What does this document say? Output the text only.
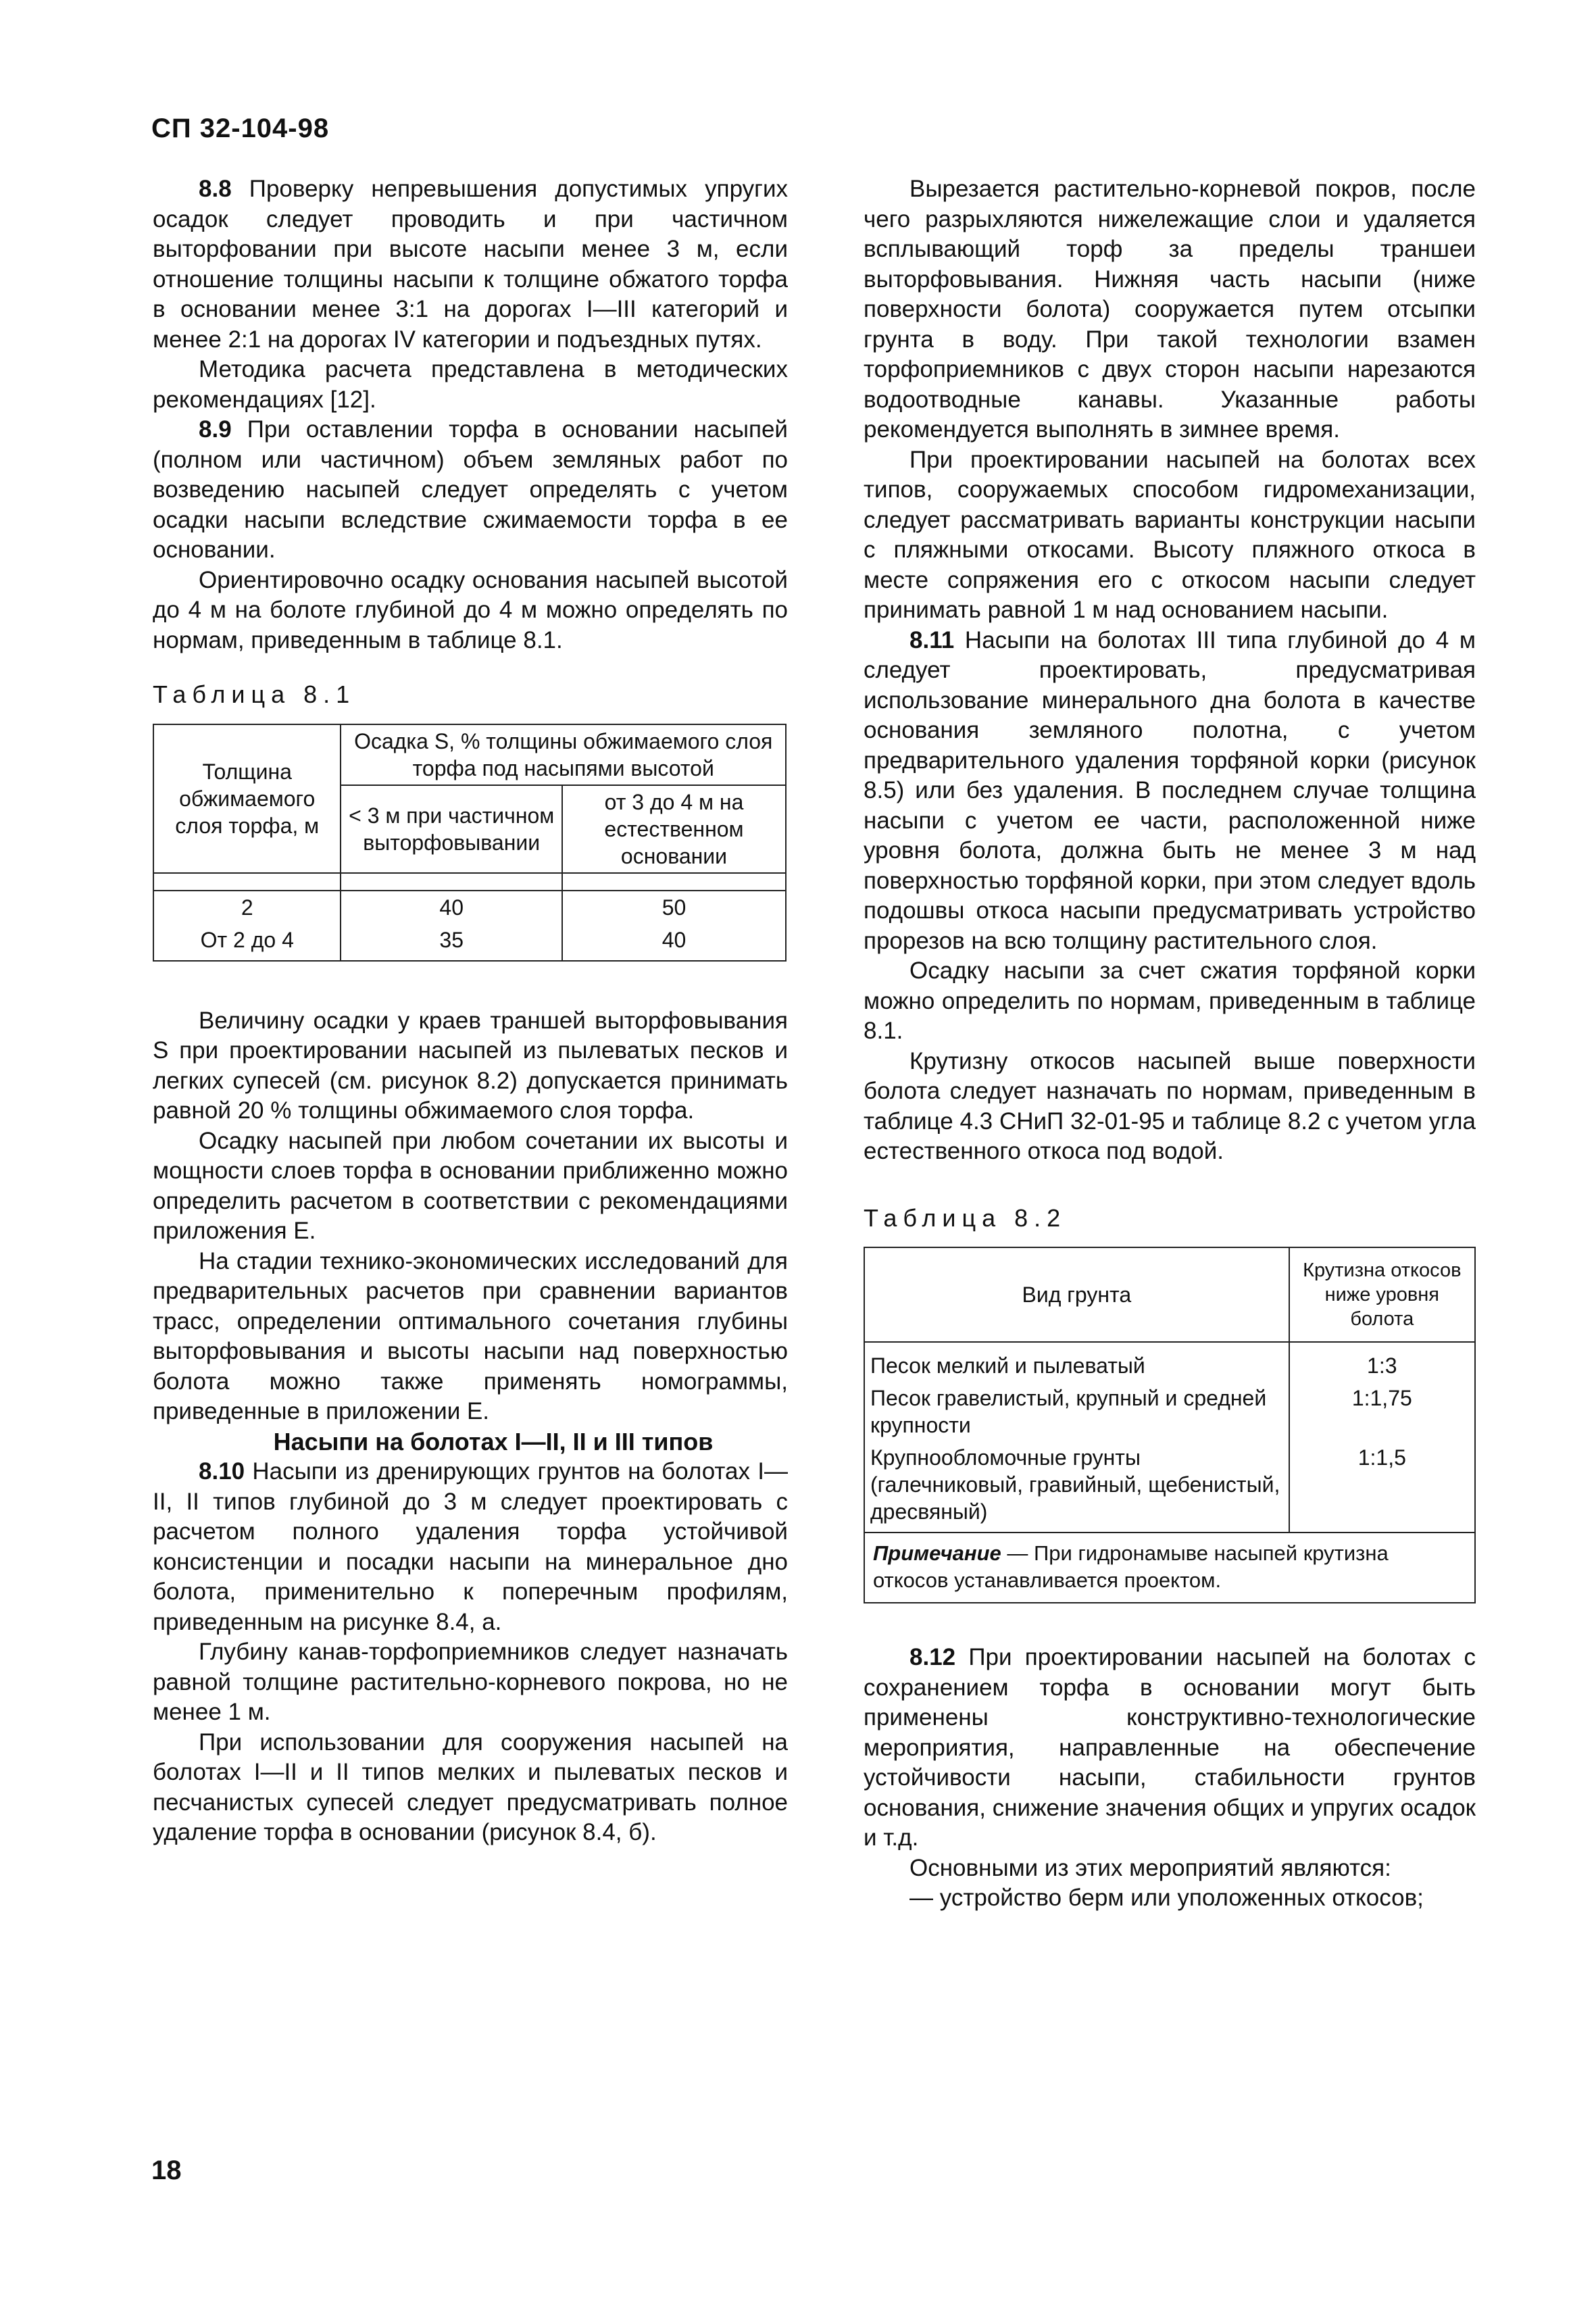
СП 32-104-98

8.8 Проверку непревышения допустимых упругих осадок следует проводить и при частичном выторфовании при высоте насыпи менее 3 м, если отношение толщины насыпи к толщине обжатого торфа в основании менее 3:1 на дорогах I—III категорий и менее 2:1 на дорогах IV категории и подъездных путях.

Методика расчета представлена в методических рекомендациях [12].

8.9 При оставлении торфа в основании насыпей (полном или частичном) объем земляных работ по возведению насыпей следует определять с учетом осадки насыпи вследствие сжимаемости торфа в ее основании.

Ориентировочно осадку основания насыпей высотой до 4 м на болоте глубиной до 4 м можно определять по нормам, приведенным в таблице 8.1.

Таблица 8.1
Толщина обжимаемого слоя торфа, м	Осадка S, % толщины обжимаемого слоя торфа под насыпями высотой	
	< 3 м при частичном выторфовывании	от 3 до 4 м на естественном основании

2	40	50
От 2 до 4	35	40

Величину осадки у краев траншей выторфовывания S при проектировании насыпей из пылеватых песков и легких супесей (см. рисунок 8.2) допускается принимать равной 20 % толщины обжимаемого слоя торфа.

Осадку насыпей при любом сочетании их высоты и мощности слоев торфа в основании приближенно можно определить расчетом в соответствии с рекомендациями приложения Е.

На стадии технико-экономических исследований для предварительных расчетов при сравнении вариантов трасс, определении оптимального сочетания глубины выторфовывания и высоты насыпи над поверхностью болота можно также применять номограммы, приведенные в приложении Е.

Насыпи на болотах I—II, II и III типов

8.10 Насыпи из дренирующих грунтов на болотах I—II, II типов глубиной до 3 м следует проектировать с расчетом полного удаления торфа устойчивой консистенции и посадки насыпи на минеральное дно болота, применительно к поперечным профилям, приведенным на рисунке 8.4, а.

Глубину канав-торфоприемников следует назначать равной толщине растительно-корневого покрова, но не менее 1 м.

При использовании для сооружения насыпей на болотах I—II и II типов мелких и пылеватых песков и песчанистых супесей следует предусматривать полное удаление торфа в основании (рисунок 8.4, б).

Вырезается растительно-корневой покров, после чего разрыхляются нижележащие слои и удаляется всплывающий торф за пределы траншеи выторфовывания. Нижняя часть насыпи (ниже поверхности болота) сооружается путем отсыпки грунта в воду. При такой технологии взамен торфоприемников с двух сторон насыпи нарезаются водоотводные канавы. Указанные работы рекомендуется выполнять в зимнее время.

При проектировании насыпей на болотах всех типов, сооружаемых способом гидромеханизации, следует рассматривать варианты конструкции насыпи с пляжными откосами. Высоту пляжного откоса в месте сопряжения его с откосом насыпи следует принимать равной 1 м над основанием насыпи.

8.11 Насыпи на болотах III типа глубиной до 4 м следует проектировать, предусматривая использование минерального дна болота в качестве основания земляного полотна, с учетом предварительного удаления торфяной корки (рисунок 8.5) или без удаления. В последнем случае толщина насыпи с учетом ее части, расположенной ниже уровня болота, должна быть не менее 3 м над поверхностью торфяной корки, при этом следует вдоль подошвы откоса насыпи предусматривать устройство прорезов на всю толщину растительного слоя.

Осадку насыпи за счет сжатия торфяной корки можно определить по нормам, приведенным в таблице 8.1.

Крутизну откосов насыпей выше поверхности болота следует назначать по нормам, приведенным в таблице 4.3 СНиП 32-01-95 и таблице 8.2 с учетом угла естественного откоса под водой.

Таблица 8.2
Вид грунта	Крутизна откосов ниже уровня болота
Песок мелкий и пылеватый	1:3
Песок гравелистый, крупный и средней крупности	1:1,75
Крупнообломочные грунты (галечниковый, гравийный, щебенистый, дресвяный)	1:1,5
Примечание — При гидронамыве насыпей крутизна откосов устанавливается проектом.	

8.12 При проектировании насыпей на болотах с сохранением торфа в основании могут быть применены конструктивно-технологические мероприятия, направленные на обеспечение устойчивости насыпи, стабильности грунтов основания, снижение значения общих и упругих осадок и т.д.

Основными из этих мероприятий являются:

— устройство берм или уположенных откосов;

18
